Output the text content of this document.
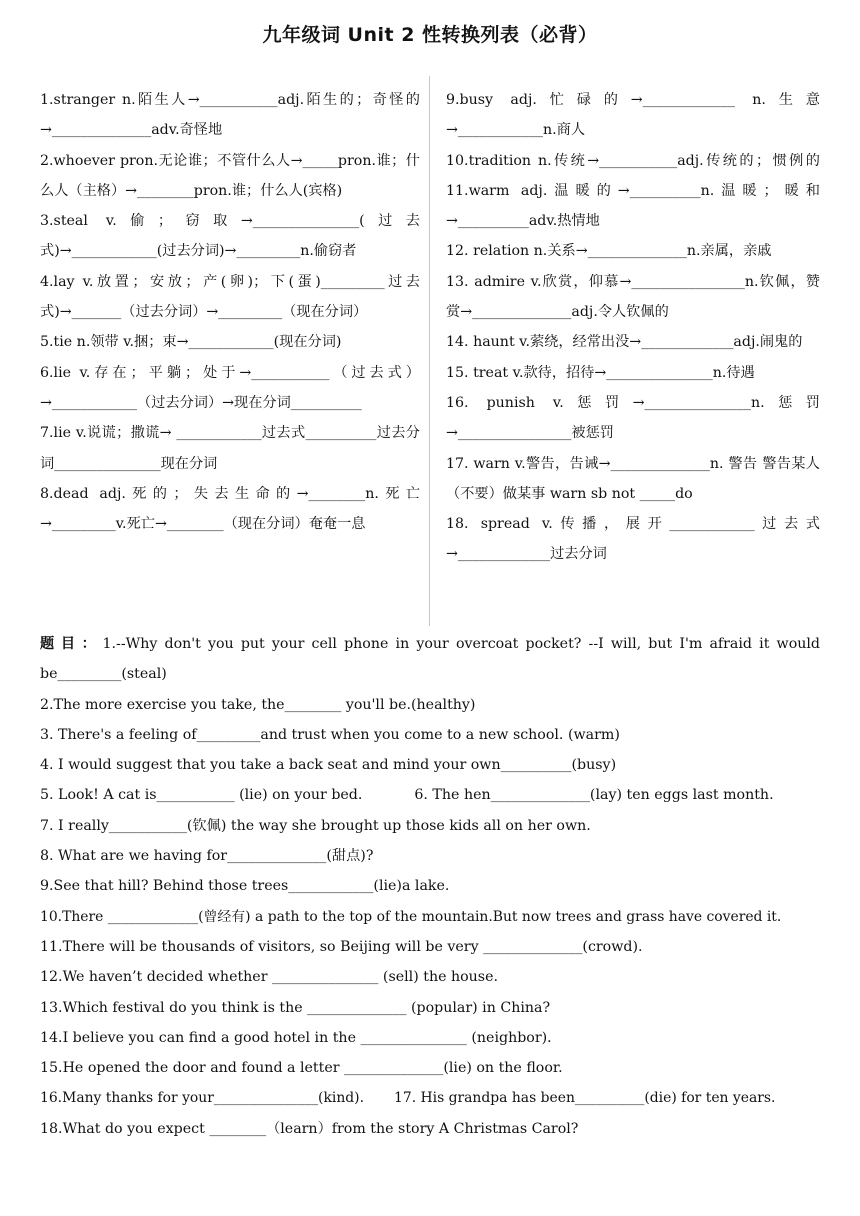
九年级词 Unit 2 性转换列表（必背）
1.stranger n.陌生人→___________adj.陌生的；奇怪的→______________adv.奇怪地
2.whoever pron.无论谁；不管什么人→_____pron.谁；什么人（主格）→________pron.谁；什么人(宾格)
3.steal v.偷；窃取→_______________(过去式)→____________(过去分词)→_________n.偷窃者
4.lay v.放置；安放；产(卵)；下(蛋)_________过去式)→_______（过去分词）→_________（现在分词）
5.tie n.领带 v.捆；束→____________(现在分词)
6.lie v.存在；平躺；处于→___________（过去式）→____________（过去分词）→现在分词__________
7.lie v.说谎；撒谎→ ____________过去式__________过去分词_______________现在分词
8.dead adj.死的；失去生命的→________n.死亡→_________v.死亡→________（现在分词）奄奄一息
9.busy adj.忙碌的→_____________ n.生意→____________n.商人
10.tradition n.传统→___________adj.传统的；惯例的 11.warm adj.温暖的→__________n.温暖；暖和→__________adv.热情地
12. relation n.关系→______________n.亲属，亲戚
13. admire v.欣赏，仰慕→________________n.钦佩，赞赏→______________adj.令人钦佩的
14. haunt v.萦绕，经常出没→_____________adj.闹鬼的
15. treat v.款待，招待→_______________n.待遇
16. punish v.惩罚→_______________n.惩罚→________________被惩罚
17. warn v.警告，告诫→______________n. 警告 警告某人（不要）做某事 warn sb not _____do
18. spread v.传播，展开____________过去式→_____________过去分词
题目：1.--Why don't you put your cell phone in your overcoat pocket? --I will, but I'm afraid it would be_________(steal)
2.The more exercise you take, the________ you'll be.(healthy)
3. There's a feeling of_________and trust when you come to a new school. (warm)
4. I would suggest that you take a back seat and mind your own__________(busy)
5. Look! A cat is___________ (lie) on your bed.	6. The hen______________(lay) ten eggs last month.
7. I really___________(钦佩) the way she brought up those kids all on her own.
8. What are we having for______________(甜点)?
9.See that hill? Behind those trees____________(lie)a lake.
10.There _____________(曾经有) a path to the top of the mountain.But now trees and grass have covered it.
11.There will be thousands of visitors, so Beijing will be very ______________(crowd).
12.We haven’t decided whether _______________ (sell) the house.
13.Which festival do you think is the ______________ (popular) in China?
14.I believe you can find a good hotel in the _______________ (neighbor)．
15.He opened the door and found a letter ______________(lie) on the floor.
16.Many thanks for your_______________(kind). 17. His grandpa has been__________(die) for ten years.
18.What do you expect ________（learn）from the story A Christmas Carol?
